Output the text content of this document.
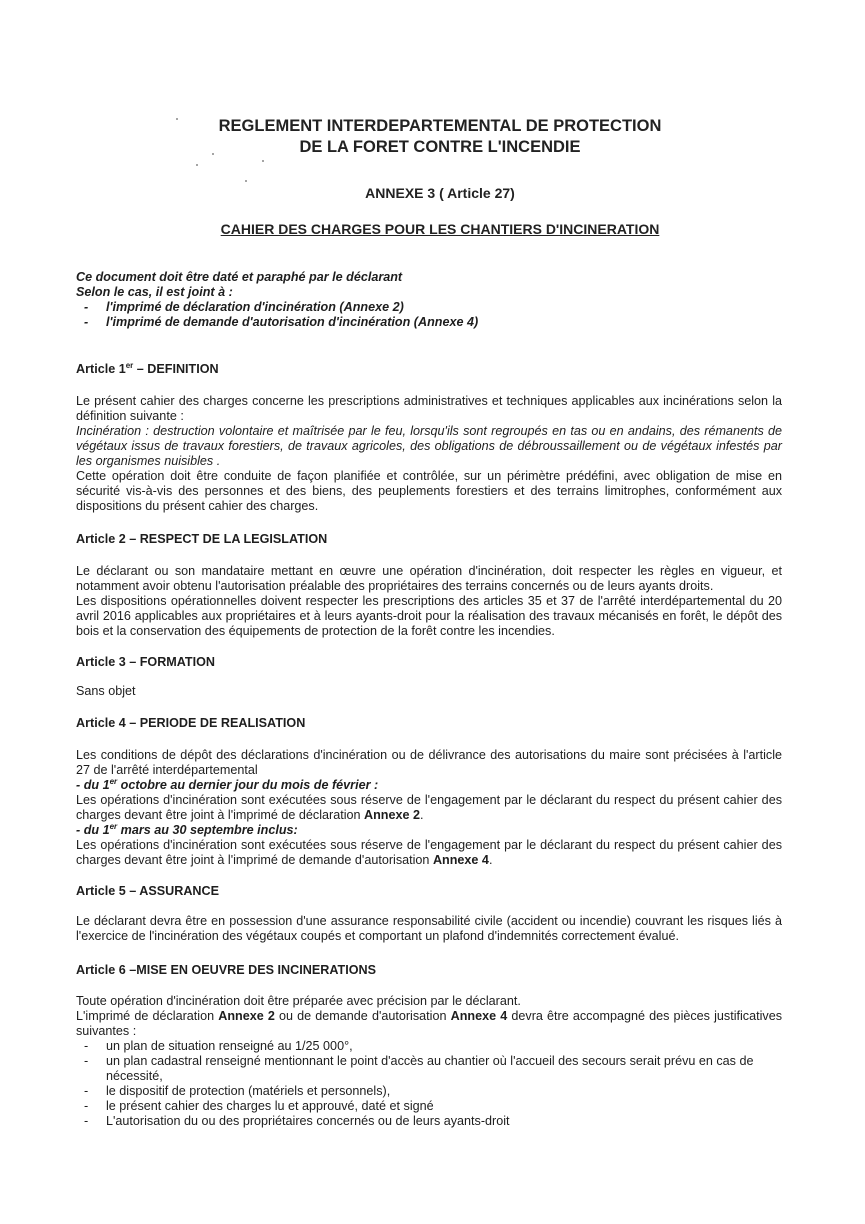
REGLEMENT INTERDEPARTEMENTAL DE PROTECTION
DE LA FORET CONTRE L'INCENDIE
ANNEXE 3 ( Article 27)
CAHIER DES CHARGES POUR LES CHANTIERS D'INCINERATION
Ce document doit être daté et paraphé par le déclarant
Selon le cas, il est joint à :
- l'imprimé de déclaration d'incinération (Annexe 2)
- l'imprimé de demande d'autorisation d'incinération (Annexe 4)
Article 1er – DEFINITION

Le présent cahier des charges concerne les prescriptions administratives et techniques applicables aux incinérations selon la définition suivante :

Incinération : destruction volontaire et maîtrisée par le feu, lorsqu'ils sont regroupés en tas ou en andains, des rémanents de végétaux issus de travaux forestiers, de travaux agricoles, des obligations de débroussaillement ou de végétaux infestés par les organismes nuisibles .

Cette opération doit être conduite de façon planifiée et contrôlée, sur un périmètre prédéfini, avec obligation de mise en sécurité vis-à-vis des personnes et des biens, des peuplements forestiers et des terrains limitrophes, conformément aux dispositions du présent cahier des charges.

Article 2 – RESPECT DE LA LEGISLATION

Le déclarant ou son mandataire mettant en œuvre une opération d'incinération, doit respecter les règles en vigueur, et notamment avoir obtenu l'autorisation préalable des propriétaires des terrains concernés ou de leurs ayants droits.

Les dispositions opérationnelles doivent respecter les prescriptions des articles 35 et 37 de l'arrêté interdépartemental du 20 avril 2016 applicables aux propriétaires et à leurs ayants-droit pour la réalisation des travaux mécanisés en forêt, le dépôt des bois et la conservation des équipements de protection de la forêt contre les incendies.

Article 3 – FORMATION

Sans objet

Article 4 – PERIODE DE REALISATION

Les conditions de dépôt des déclarations d'incinération ou de délivrance des autorisations du maire sont précisées à l'article 27 de l'arrêté interdépartemental

- du 1er octobre au dernier jour du mois de février :

Les opérations d'incinération sont exécutées sous réserve de l'engagement par le déclarant du respect du présent cahier des charges devant être joint à l'imprimé de déclaration Annexe 2.

- du 1er mars au 30 septembre inclus:

Les opérations d'incinération sont exécutées sous réserve de l'engagement par le déclarant du respect du présent cahier des charges devant être joint à l'imprimé de demande d'autorisation Annexe 4.

Article 5 – ASSURANCE

Le déclarant devra être en possession d'une assurance responsabilité civile (accident ou incendie) couvrant les risques liés à l'exercice de l'incinération des végétaux coupés et comportant un plafond d'indemnités correctement évalué.

Article 6 –MISE EN OEUVRE DES INCINERATIONS

Toute opération d'incinération doit être préparée avec précision par le déclarant.

L'imprimé de déclaration Annexe 2 ou de demande d'autorisation Annexe 4 devra être accompagné des pièces justificatives suivantes :

- un plan de situation renseigné au 1/25 000°,
- un plan cadastral renseigné mentionnant le point d'accès au chantier où l'accueil des secours serait prévu en cas de nécessité,
- le dispositif de protection (matériels et personnels),
- le présent cahier des charges lu et approuvé, daté et signé
- L'autorisation du ou des propriétaires concernés ou de leurs ayants-droit
